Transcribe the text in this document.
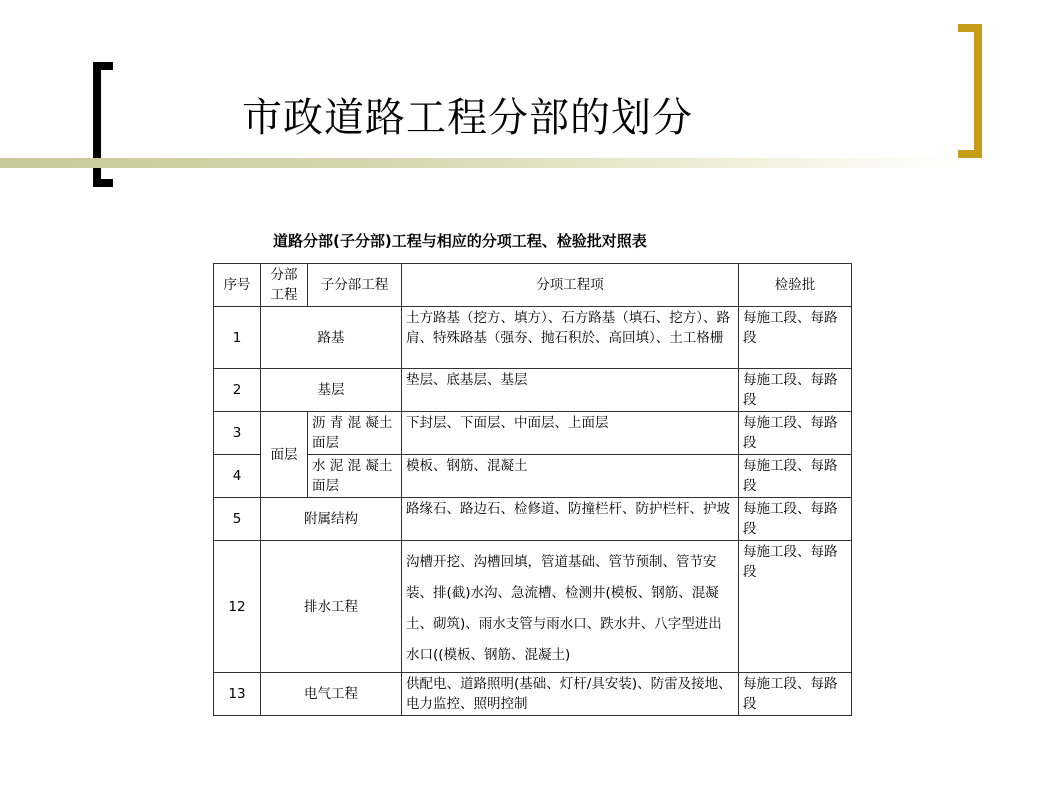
市政道路工程分部的划分
道路分部(子分部)工程与相应的分项工程、检验批对照表
序号	分部工程	子分部工程	分项工程项	检验批
1	路基		土方路基（挖方、填方）、石方路基（填石、挖方）、路肩、特殊路基（强夯、抛石积於、高回填）、土工格栅	每施工段、每路段
2	基层		垫层、底基层、基层	每施工段、每路段
3	面层	沥 青 混 凝土面层	下封层、下面层、中面层、上面层	每施工段、每路段
4		水 泥 混 凝土面层	模板、钢筋、混凝土	每施工段、每路段
5	附属结构		路缘石、路边石、检修道、防撞栏杆、防护栏杆、护坡	每施工段、每路段
12	排水工程		沟槽开挖、沟槽回填，管道基础、管节预制、管节安装、排(截)水沟、急流槽、检测井(模板、钢筋、混凝土、砌筑)、雨水支管与雨水口、跌水井、八字型进出水口((模板、钢筋、混凝土)	每施工段、每路段
13	电气工程		供配电、道路照明(基础、灯杆/具安装)、防雷及接地、电力监控、照明控制	每施工段、每路段
